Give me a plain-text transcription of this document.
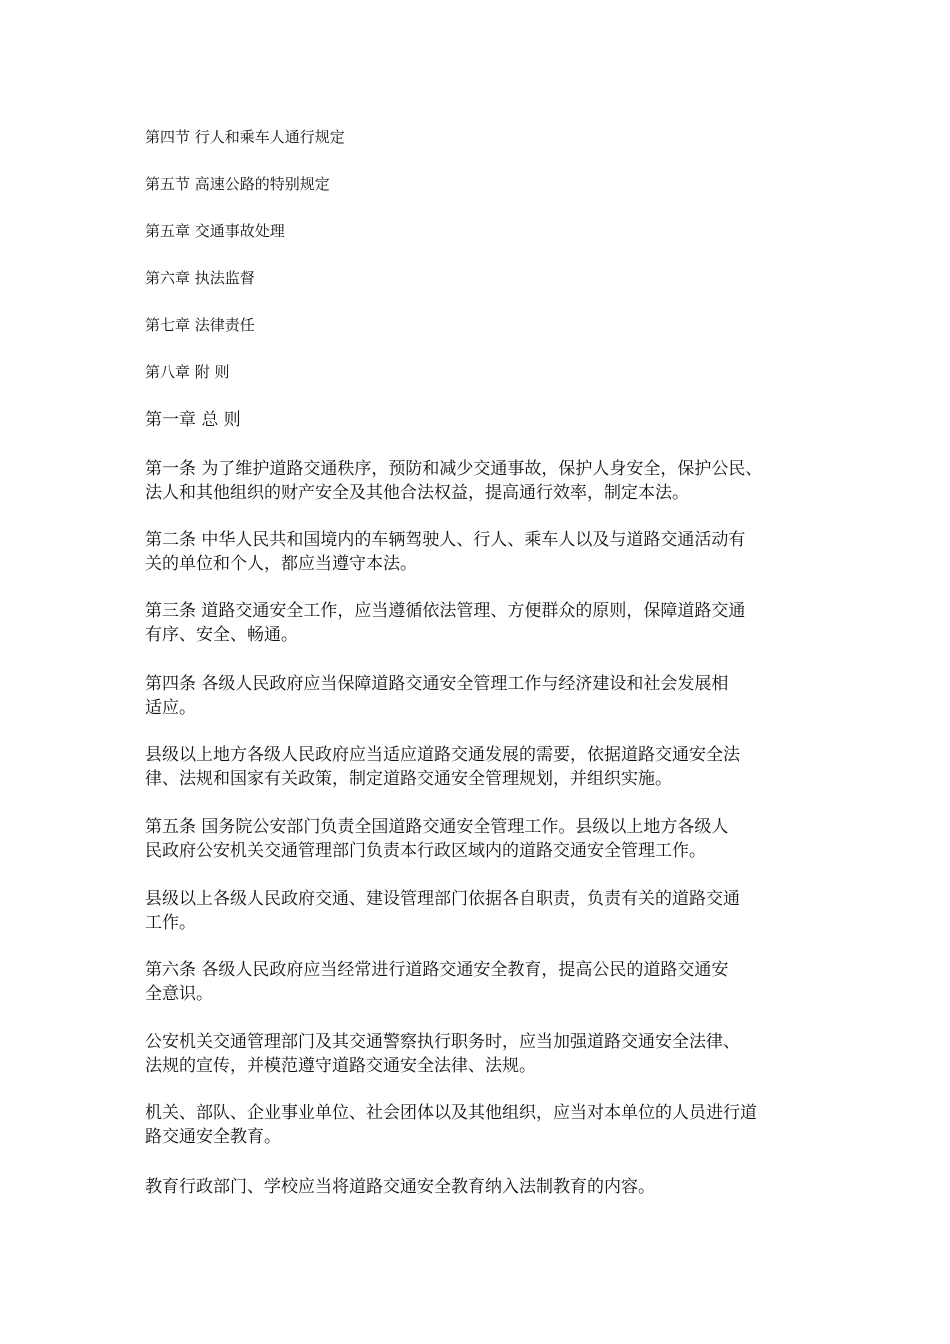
第四节 行人和乘车人通行规定
第五节 高速公路的特别规定
第五章 交通事故处理
第六章 执法监督
第七章 法律责任
第八章 附 则
第一章 总 则
第一条 为了维护道路交通秩序，预防和减少交通事故，保护人身安全，保护公民、
法人和其他组织的财产安全及其他合法权益，提高通行效率，制定本法。
第二条 中华人民共和国境内的车辆驾驶人、行人、乘车人以及与道路交通活动有
关的单位和个人，都应当遵守本法。
第三条 道路交通安全工作，应当遵循依法管理、方便群众的原则，保障道路交通
有序、安全、畅通。
第四条 各级人民政府应当保障道路交通安全管理工作与经济建设和社会发展相
适应。
县级以上地方各级人民政府应当适应道路交通发展的需要，依据道路交通安全法
律、法规和国家有关政策，制定道路交通安全管理规划，并组织实施。
第五条 国务院公安部门负责全国道路交通安全管理工作。县级以上地方各级人
民政府公安机关交通管理部门负责本行政区域内的道路交通安全管理工作。
县级以上各级人民政府交通、建设管理部门依据各自职责，负责有关的道路交通
工作。
第六条 各级人民政府应当经常进行道路交通安全教育，提高公民的道路交通安
全意识。
公安机关交通管理部门及其交通警察执行职务时，应当加强道路交通安全法律、
法规的宣传，并模范遵守道路交通安全法律、法规。
机关、部队、企业事业单位、社会团体以及其他组织，应当对本单位的人员进行道
路交通安全教育。
教育行政部门、学校应当将道路交通安全教育纳入法制教育的内容。
